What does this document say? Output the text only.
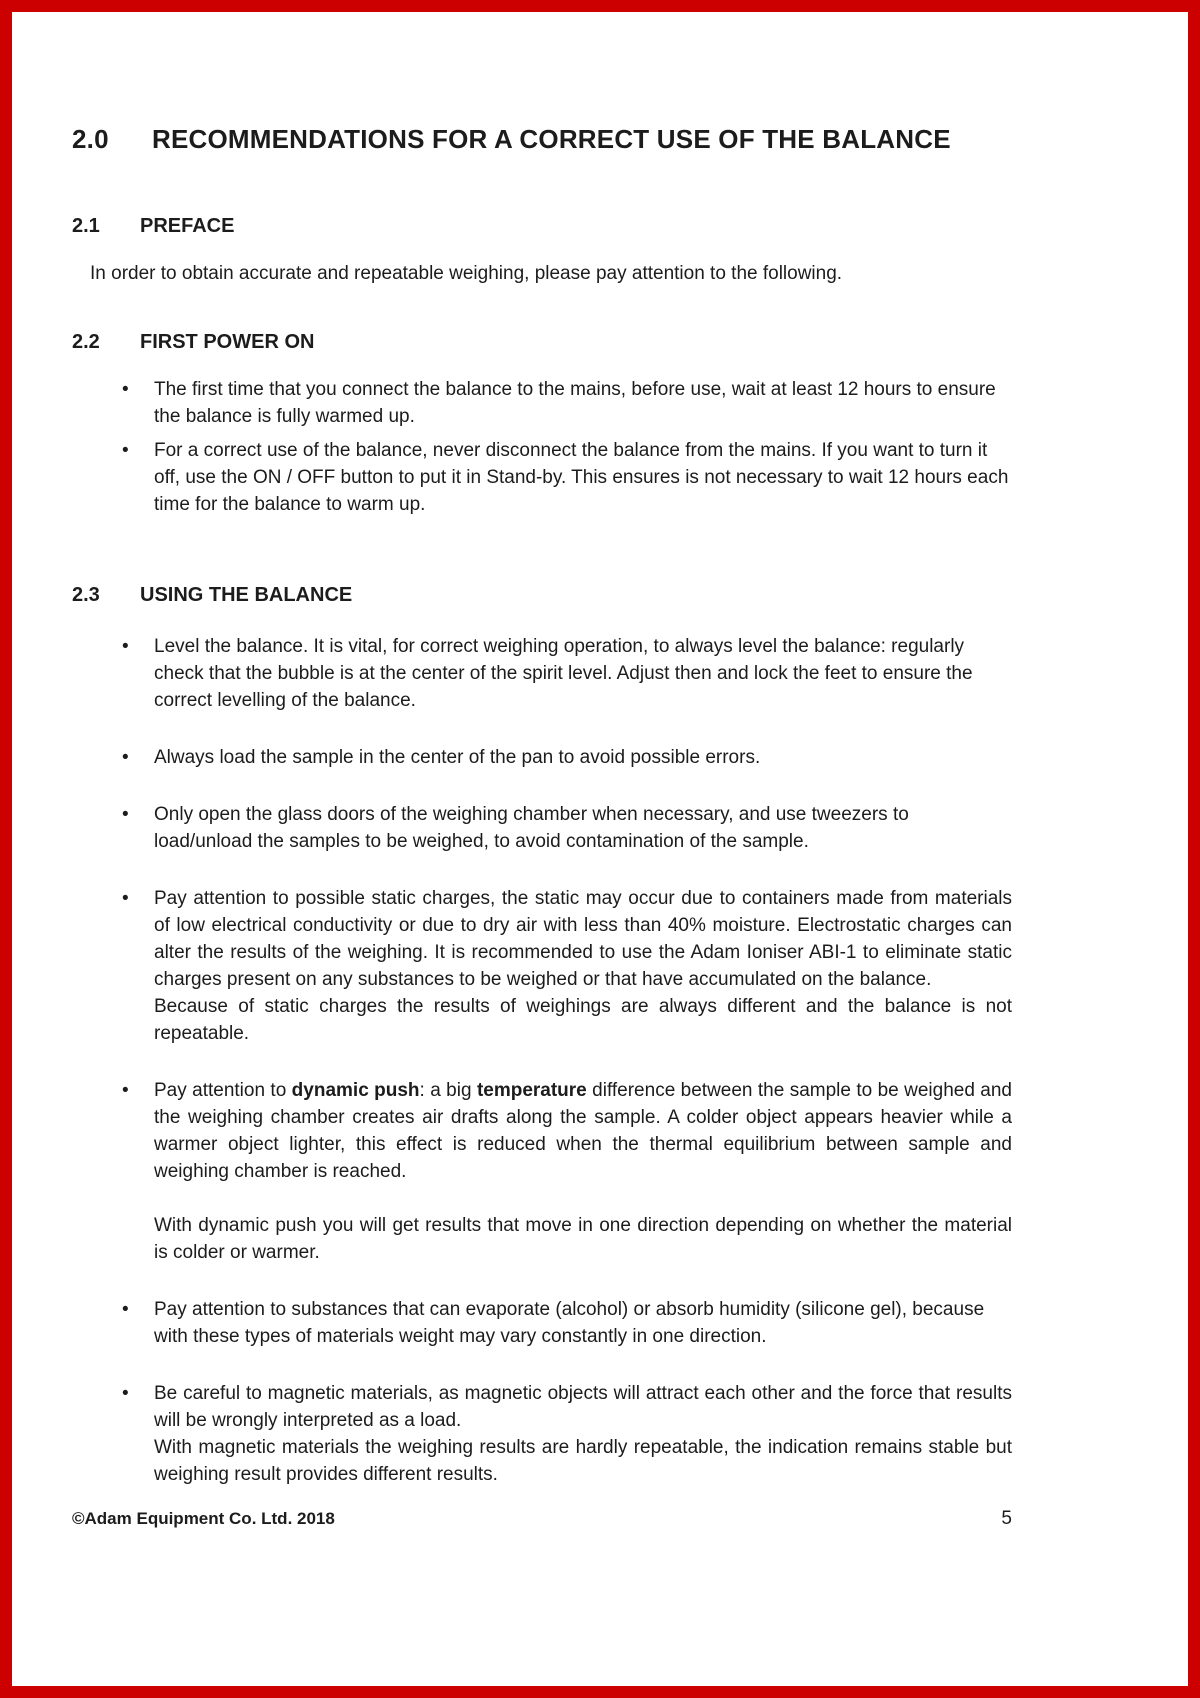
2.0 RECOMMENDATIONS FOR A CORRECT USE OF THE BALANCE
2.1 PREFACE

In order to obtain accurate and repeatable weighing, please pay attention to the following.

2.2 FIRST POWER ON

• The first time that you connect the balance to the mains, before use, wait at least 12 hours to ensure the balance is fully warmed up.

• For a correct use of the balance, never disconnect the balance from the mains. If you want to turn it off, use the ON / OFF button to put it in Stand-by. This ensures is not necessary to wait 12 hours each time for the balance to warm up.

2.3 USING THE BALANCE

• Level the balance. It is vital, for correct weighing operation, to always level the balance: regularly check that the bubble is at the center of the spirit level. Adjust then and lock the feet to ensure the correct levelling of the balance.

• Always load the sample in the center of the pan to avoid possible errors.

• Only open the glass doors of the weighing chamber when necessary, and use tweezers to load/unload the samples to be weighed, to avoid contamination of the sample.

• Pay attention to possible static charges, the static may occur due to containers made from materials of low electrical conductivity or due to dry air with less than 40% moisture. Electrostatic charges can alter the results of the weighing. It is recommended to use the Adam Ioniser ABI-1 to eliminate static charges present on any substances to be weighed or that have accumulated on the balance.

Because of static charges the results of weighings are always different and the balance is not repeatable.

• Pay attention to dynamic push: a big temperature difference between the sample to be weighed and the weighing chamber creates air drafts along the sample. A colder object appears heavier while a warmer object lighter, this effect is reduced when the thermal equilibrium between sample and weighing chamber is reached.

With dynamic push you will get results that move in one direction depending on whether the material is colder or warmer.

• Pay attention to substances that can evaporate (alcohol) or absorb humidity (silicone gel), because with these types of materials weight may vary constantly in one direction.

• Be careful to magnetic materials, as magnetic objects will attract each other and the force that results will be wrongly interpreted as a load.

With magnetic materials the weighing results are hardly repeatable, the indication remains stable but weighing result provides different results.

©Adam Equipment Co. Ltd. 2018	5
